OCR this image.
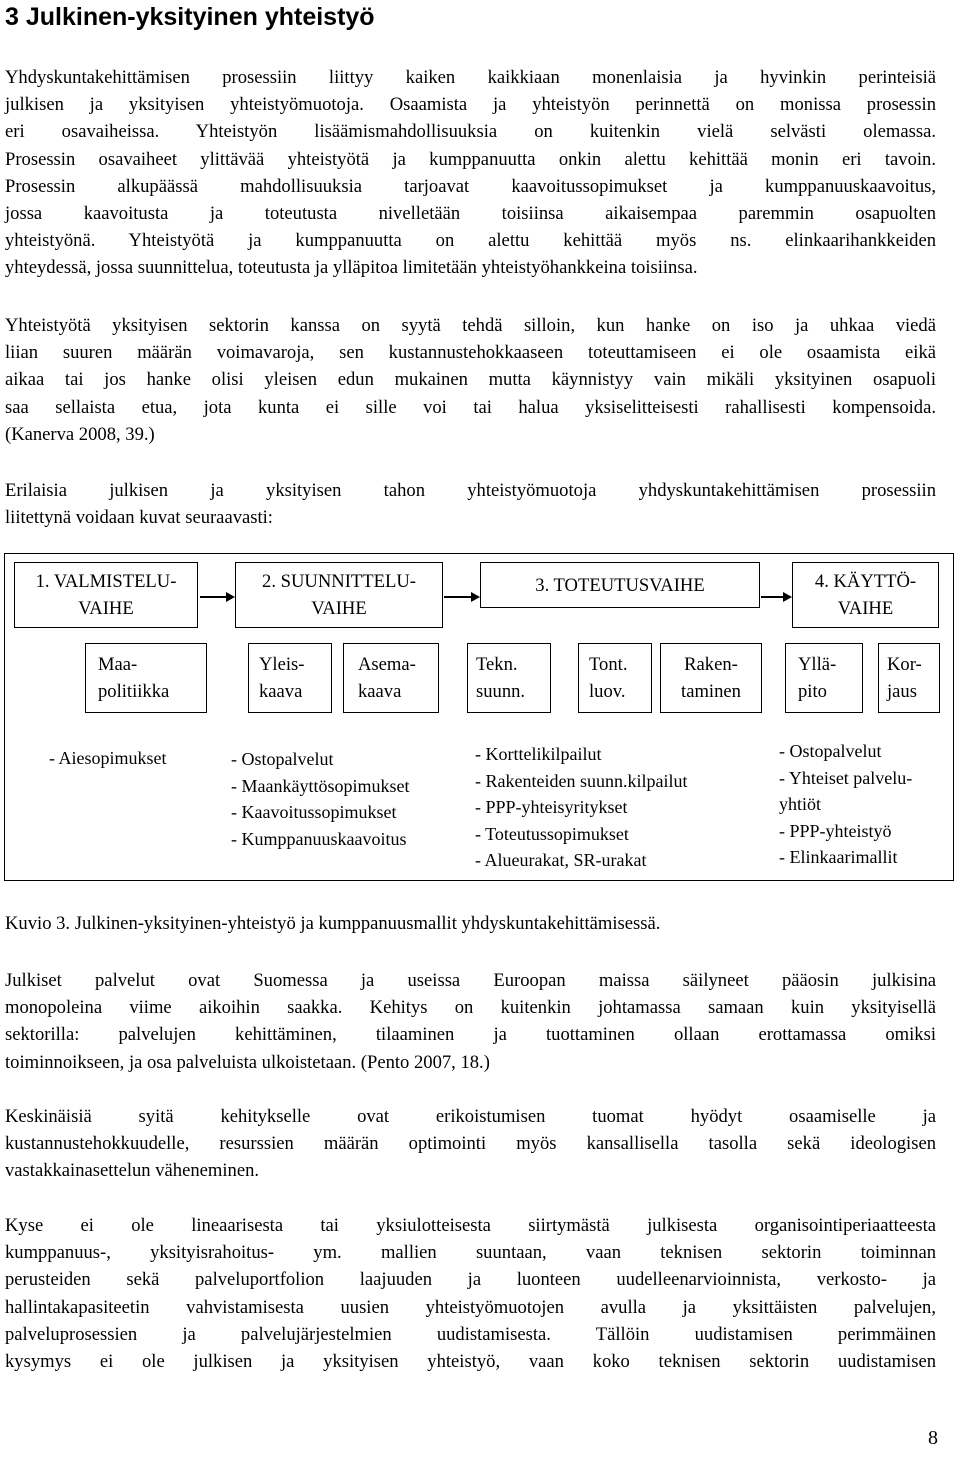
3 Julkinen-yksityinen yhteistyö
Yhdyskuntakehittämisen prosessiin liittyy kaiken kaikkiaan monenlaisia ja hyvinkin perinteisiä
julkisen ja yksityisen yhteistyömuotoja. Osaamista ja yhteistyön perinnettä on monissa prosessin
eri osavaiheissa. Yhteistyön lisäämismahdollisuuksia on kuitenkin vielä selvästi olemassa.
Prosessin osavaiheet ylittävää yhteistyötä ja kumppanuutta onkin alettu kehittää monin eri tavoin.
Prosessin alkupäässä mahdollisuuksia tarjoavat kaavoitussopimukset ja kumppanuuskaavoitus,
jossa kaavoitusta ja toteutusta nivelletään toisiinsa aikaisempaa paremmin osapuolten
yhteistyönä. Yhteistyötä ja kumppanuutta on alettu kehittää myös ns. elinkaarihankkeiden
yhteydessä, jossa suunnittelua, toteutusta ja ylläpitoa limitetään yhteistyöhankkeina toisiinsa.
Yhteistyötä yksityisen sektorin kanssa on syytä tehdä silloin, kun hanke on iso ja uhkaa viedä
liian suuren määrän voimavaroja, sen kustannustehokkaaseen toteuttamiseen ei ole osaamista eikä
aikaa tai jos hanke olisi yleisen edun mukainen mutta käynnistyy vain mikäli yksityinen osapuoli
saa sellaista etua, jota kunta ei sille voi tai halua yksiselitteisesti rahallisesti kompensoida.
(Kanerva 2008, 39.)
Erilaisia julkisen ja yksityisen tahon yhteistyömuotoja yhdyskuntakehittämisen prosessiin
liitettynä voidaan kuvat seuraavasti:
1. VALMISTELU-
VAIHE
2. SUUNNITTELU-
VAIHE
3. TOTEUTUSVAIHE	4. KÄYTTÖ-
VAIHE
Maa-
politiikka
Yleis-
kaava
Asema-
kaava
Tekn.
suunn.
Tont.
luov.
Raken-
taminen
Yllä-
pito
Kor-
jaus
- Aiesopimukset	- Ostopalvelut
- Maankäyttösopimukset
- Kaavoitussopimukset
- Kumppanuuskaavoitus
- Korttelikilpailut
- Rakenteiden suunn.kilpailut
- PPP-yhteisyritykset
- Toteutussopimukset
- Alueurakat, SR-urakat
- Ostopalvelut
- Yhteiset palvelu-
yhtiöt
- PPP-yhteistyö
- Elinkaarimallit

Kuvio 3. Julkinen-yksityinen-yhteistyö ja kumppanuusmallit yhdyskuntakehittämisessä.

Julkiset palvelut ovat Suomessa ja useissa Euroopan maissa säilyneet pääosin julkisina
monopoleina viime aikoihin saakka. Kehitys on kuitenkin johtamassa samaan kuin yksityisellä
sektorilla: palvelujen kehittäminen, tilaaminen ja tuottaminen ollaan erottamassa omiksi
toiminnoikseen, ja osa palveluista ulkoistetaan. (Pento 2007, 18.)
Keskinäisiä syitä kehitykselle ovat erikoistumisen tuomat hyödyt osaamiselle ja
kustannustehokkuudelle, resurssien määrän optimointi myös kansallisella tasolla sekä ideologisen
vastakkainasettelun väheneminen.
Kyse ei ole lineaarisesta tai yksiulotteisesta siirtymästä julkisesta organisointiperiaatteesta
kumppanuus-, yksityisrahoitus- ym. mallien suuntaan, vaan teknisen sektorin toiminnan
perusteiden sekä palveluportfolion laajuuden ja luonteen uudelleenarvioinnista, verkosto- ja
hallintakapasiteetin vahvistamisesta uusien yhteistyömuotojen avulla ja yksittäisten palvelujen,
palveluprosessien ja palvelujärjestelmien uudistamisesta. Tällöin uudistamisen perimmäinen
kysymys ei ole julkisen ja yksityisen yhteistyö, vaan koko teknisen sektorin uudistamisen
8
